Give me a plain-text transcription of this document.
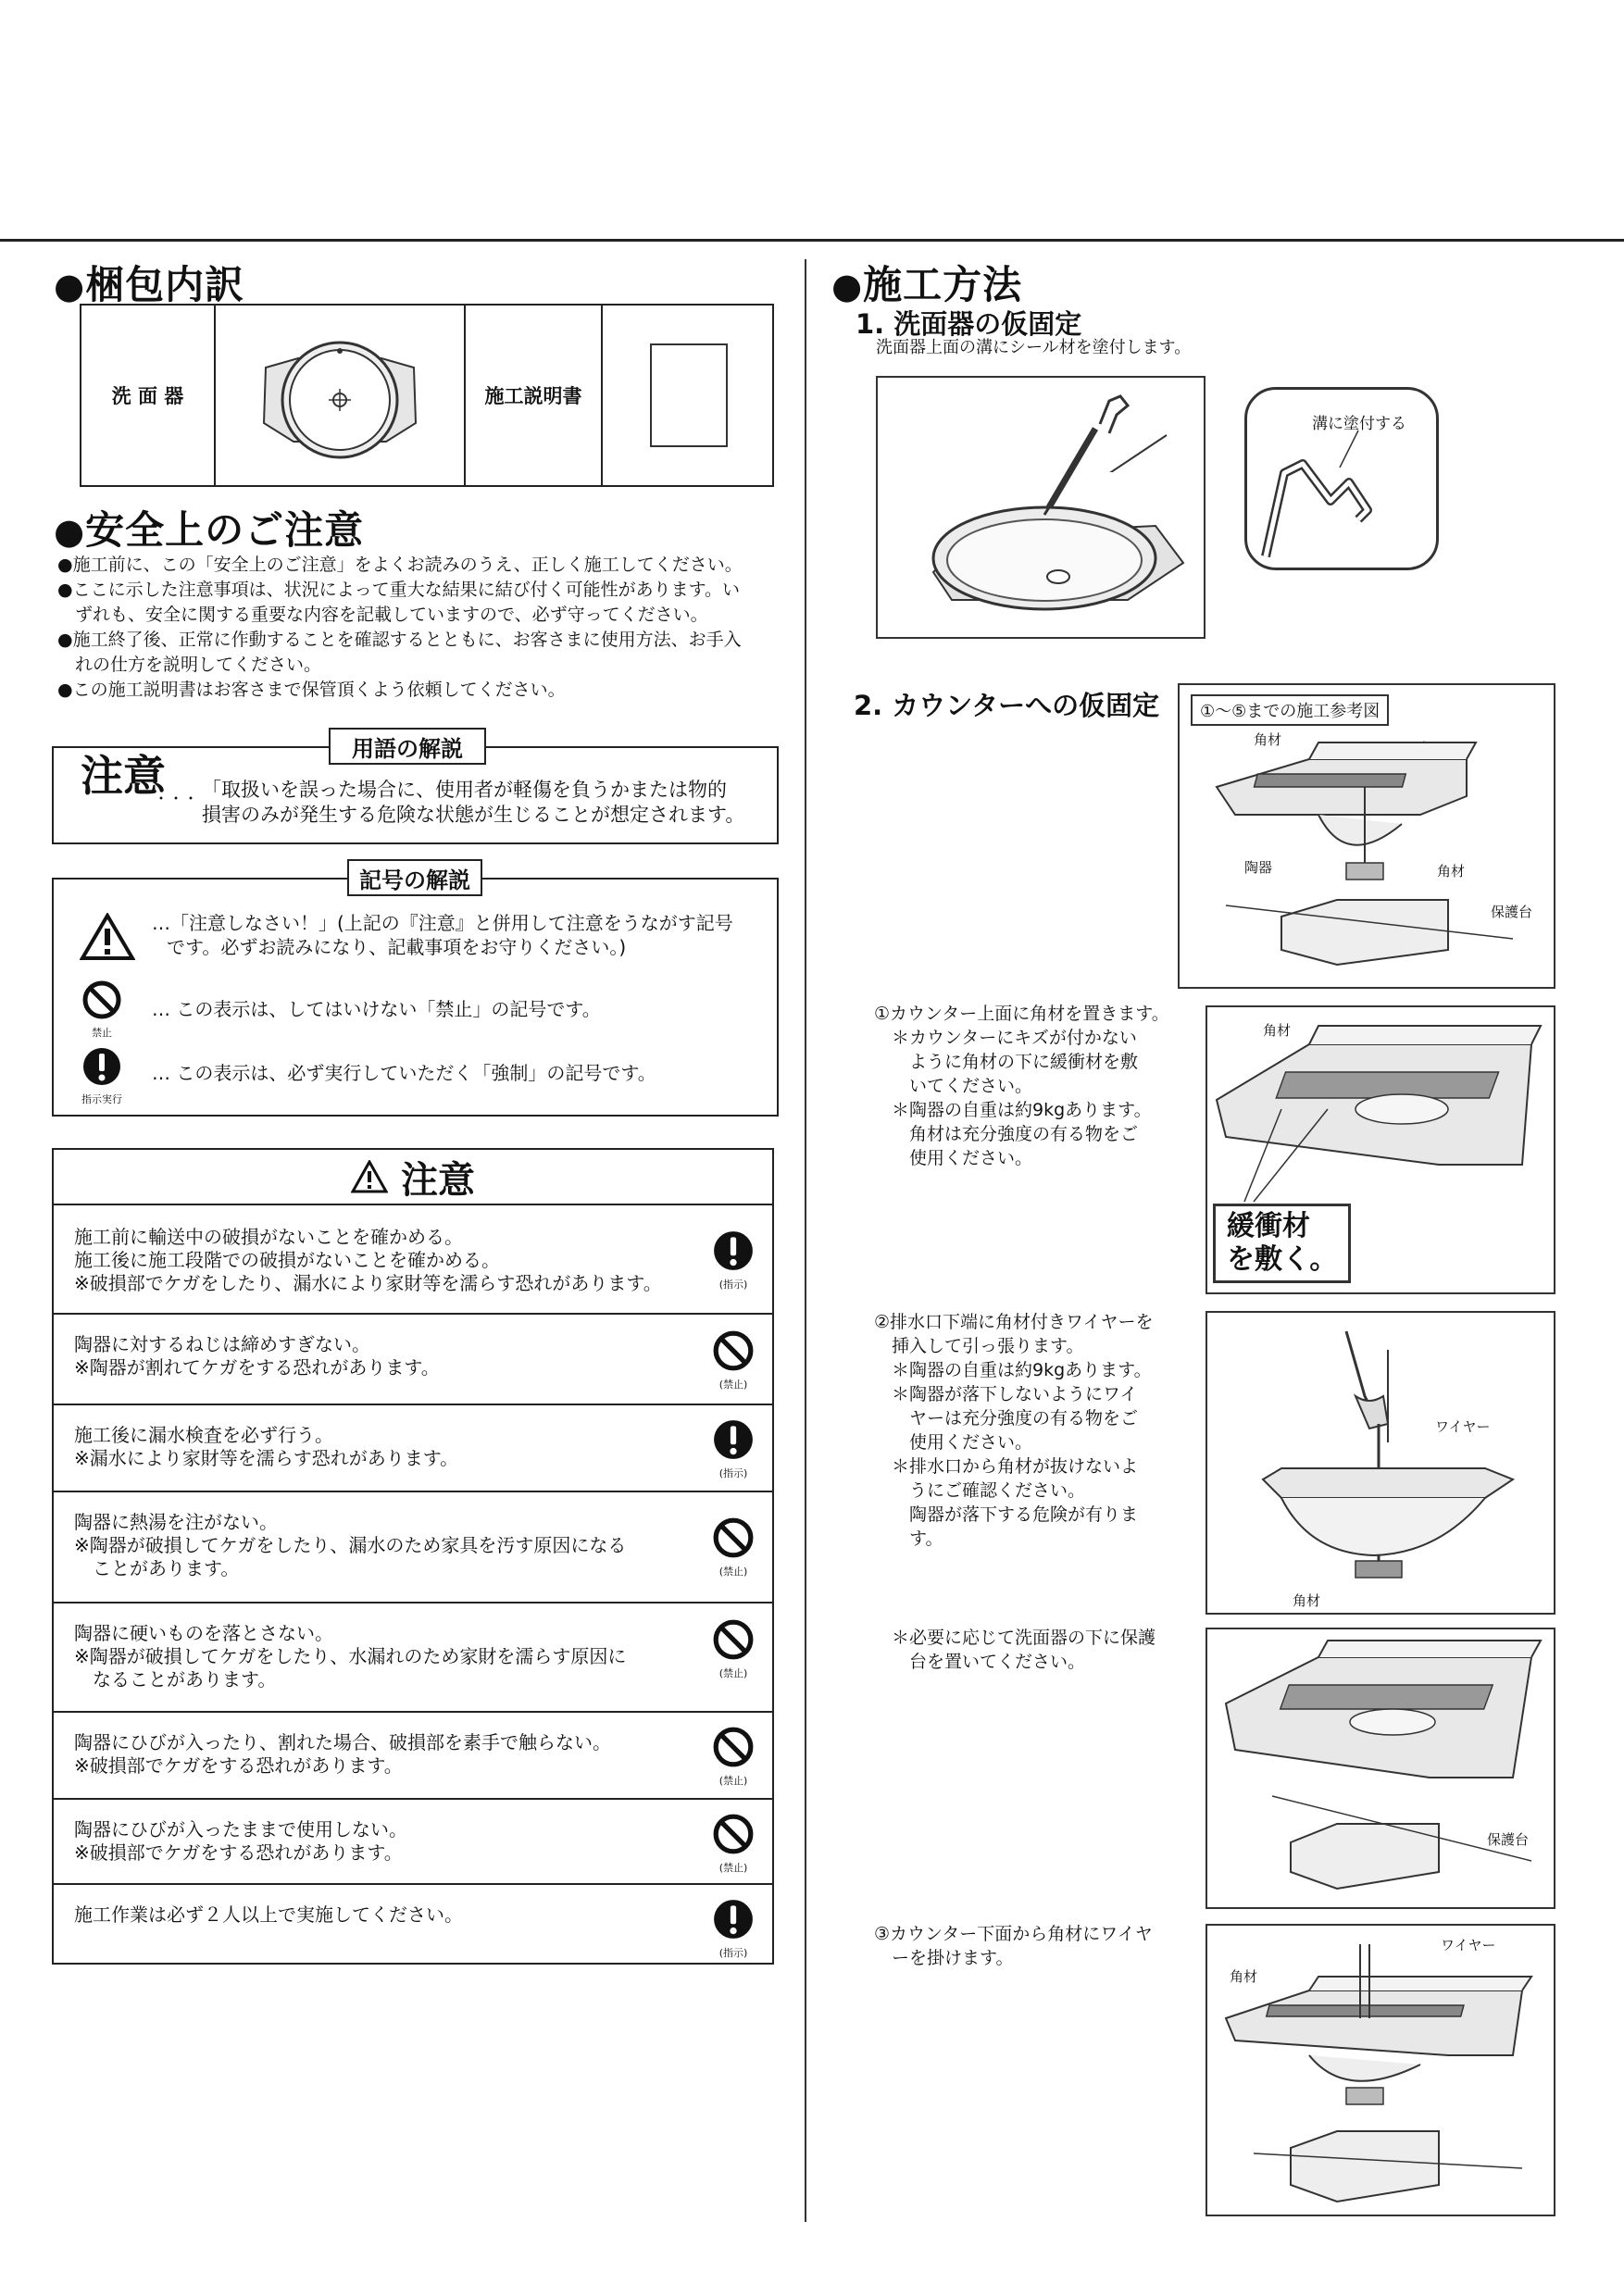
●梱包内訳
洗 面 器	施工説明書
●安全上のご注意
●施工前に、この「安全上のご注意」をよくお読みのうえ、正しく施工してください。
●ここに示した注意事項は、状況によって重大な結果に結び付く可能性があります。い
　ずれも、安全に関する重要な内容を記載していますので、必ず守ってください。
●施工終了後、正常に作動することを確認するとともに、お客さまに使用方法、お手入
　れの仕方を説明してください。
●この施工説明書はお客さまで保管頂くよう依頼してください。
注意
・・・ 「取扱いを誤った場合に、使用者が軽傷を負うかまたは物的
損害のみが発生する危険な状態が生じることが想定されます。
用語の解説
…「注意しなさい！」(上記の『注意』と併用して注意をうながす記号
です。必ずお読みになり、記載事項をお守りください。)
禁止
… この表示は、してはいけない「禁止」の記号です。
指示実行
… この表示は、必ず実行していただく「強制」の記号です。
記号の解説
注意
施工前に輸送中の破損がないことを確かめる。
施工後に施工段階での破損がないことを確かめる。
※破損部でケガをしたり、漏水により家財等を濡らす恐れがあります。	(指示)
陶器に対するねじは締めすぎない。
※陶器が割れてケガをする恐れがあります。
(禁止)
施工後に漏水検査を必ず行う。
※漏水により家財等を濡らす恐れがあります。
(指示)
陶器に熱湯を注がない。
※陶器が破損してケガをしたり、漏水のため家具を汚す原因になる
　ことがあります。	(禁止)
陶器に硬いものを落とさない。
※陶器が破損してケガをしたり、水漏れのため家財を濡らす原因に
　なることがあります。	(禁止)
陶器にひびが入ったり、割れた場合、破損部を素手で触らない。
※破損部でケガをする恐れがあります。
(禁止)
陶器にひびが入ったままで使用しない。
※破損部でケガをする恐れがあります。
(禁止)
施工作業は必ず２人以上で実施してください。
(指示)
●施工方法
1. 洗面器の仮固定
洗面器上面の溝にシール材を塗付します。
溝に塗付する
2. カウンターへの仮固定	①〜⑤までの施工参考図
角材
陶器	角材
保護台
①カウンター上面に角材を置きます。
　＊カウンターにキズが付かない
　　ように角材の下に緩衝材を敷
　　いてください。
　＊陶器の自重は約9kgあります。
　　角材は充分強度の有る物をご
　　使用ください。
角材
緩衝材
を敷く。
②排水口下端に角材付きワイヤーを
　挿入して引っ張ります。
　＊陶器の自重は約9kgあります。
　＊陶器が落下しないようにワイ
　　ヤーは充分強度の有る物をご
　　使用ください。
　＊排水口から角材が抜けないよ
　　うにご確認ください。
　　陶器が落下する危険が有りま
　　す。
ワイヤー
角材
　＊必要に応じて洗面器の下に保護
　　台を置いてください。
保護台
③カウンター下面から角材にワイヤ
　ーを掛けます。
ワイヤー
角材
